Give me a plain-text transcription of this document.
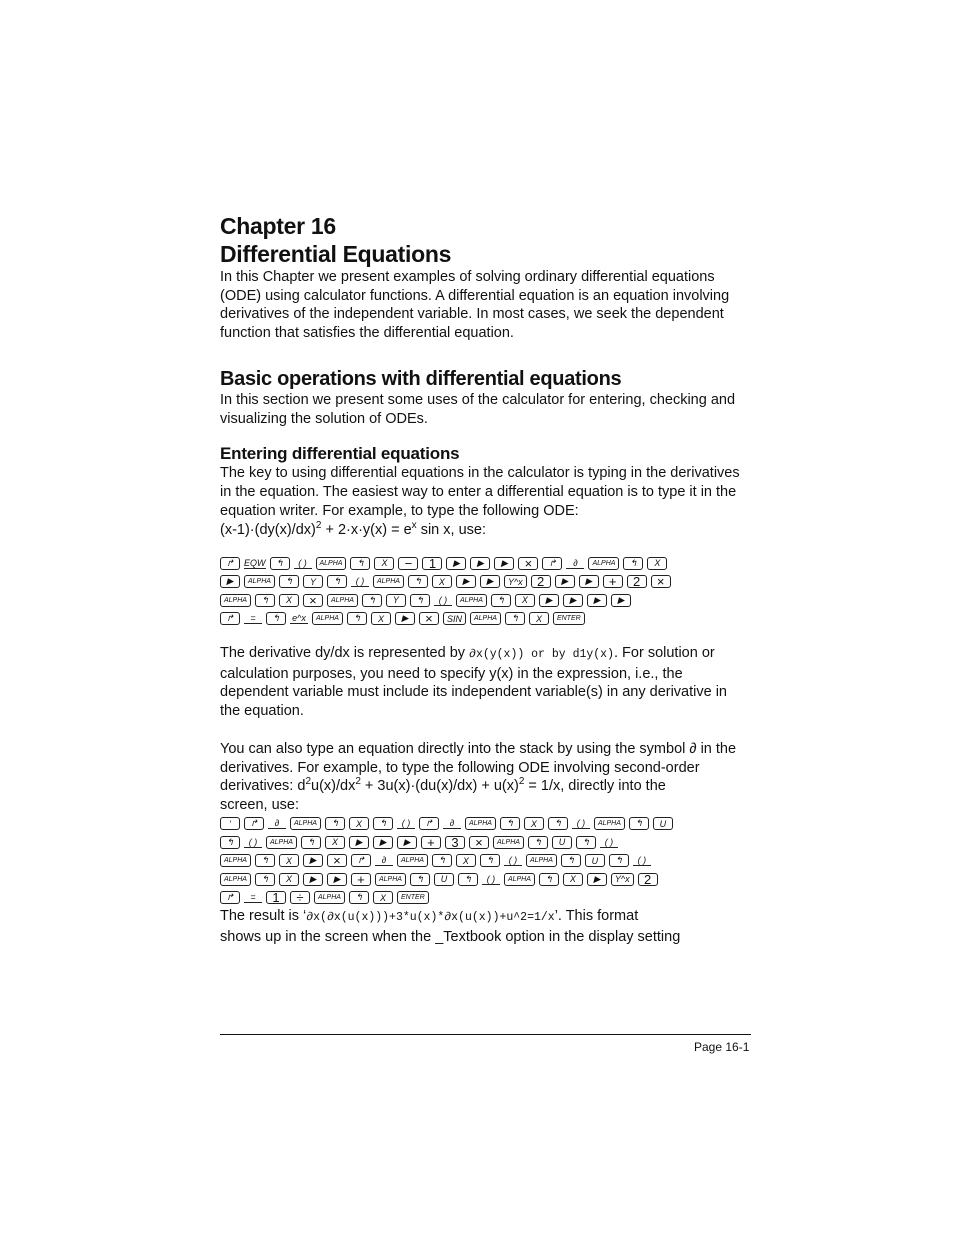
Chapter 16
Differential Equations

In this Chapter we present examples of solving ordinary differential equations (ODE) using calculator functions. A differential equation is an equation involving derivatives of the independent variable. In most cases, we seek the dependent function that satisfies the differential equation.

Basic operations with differential equations

In this section we present some uses of the calculator for entering, checking and visualizing the solution of ODEs.

Entering differential equations

The key to using differential equations in the calculator is typing in the derivatives in the equation. The easiest way to enter a differential equation is to type it in the equation writer. For example, to type the following ODE:

$(x-1)\cdot(dy(x)/dx)^2 + 2\cdot x\cdot y(x) = e^x$ sin x, use:

↱	EQW	↰	( )	ALPHA	↰	X	−	1	▶	▶	▶	×	↱	∂	ALPHA	↰	X
▶	ALPHA	↰	Y	↰	( )	ALPHA	↰	X	▶	▶	Y^x	2	▶	▶	+	2	×
ALPHA	↰	X	×	ALPHA	↰	Y	↰	( )	ALPHA	↰	X	▶	▶	▶	▶
↱	=	↰	e^x	ALPHA	↰	X	▶	×	SIN	ALPHA	↰	X	ENTER

The derivative dy/dx is represented by ∂x(y(x)) or by d1y(x). For solution or calculation purposes, you need to specify y(x) in the expression, i.e., the dependent variable must include its independent variable(s) in any derivative in the equation.

You can also type an equation directly into the stack by using the symbol ∂ in the derivatives. For example, to type the following ODE involving second-order

derivatives: $d^2u(x)/dx^2 + 3u(x)\cdot(du(x)/dx) + u(x)^2 = 1/x$, directly into the

screen, use:

'	↱	∂	ALPHA	↰	X	↰	( )	↱	∂	ALPHA	↰	X	↰	( )	ALPHA	↰	U
↰	( )	ALPHA	↰	X	▶	▶	▶	+	3	×	ALPHA	↰	U	↰	( )
ALPHA	↰	X	▶	×	↱	∂	ALPHA	↰	X	↰	( )	ALPHA	↰	U	↰	( )
ALPHA	↰	X	▶	▶	+	ALPHA	↰	U	↰	( )	ALPHA	↰	X	▶	Y^x	2
↱	=	1	÷	ALPHA	↰	X	ENTER

The result is ‘∂x(∂x(u(x)))+3*u(x)*∂x(u(x))+u^2=1/x’. This format

shows up in the screen when the _Textbook option in the display setting

Page 16-1
